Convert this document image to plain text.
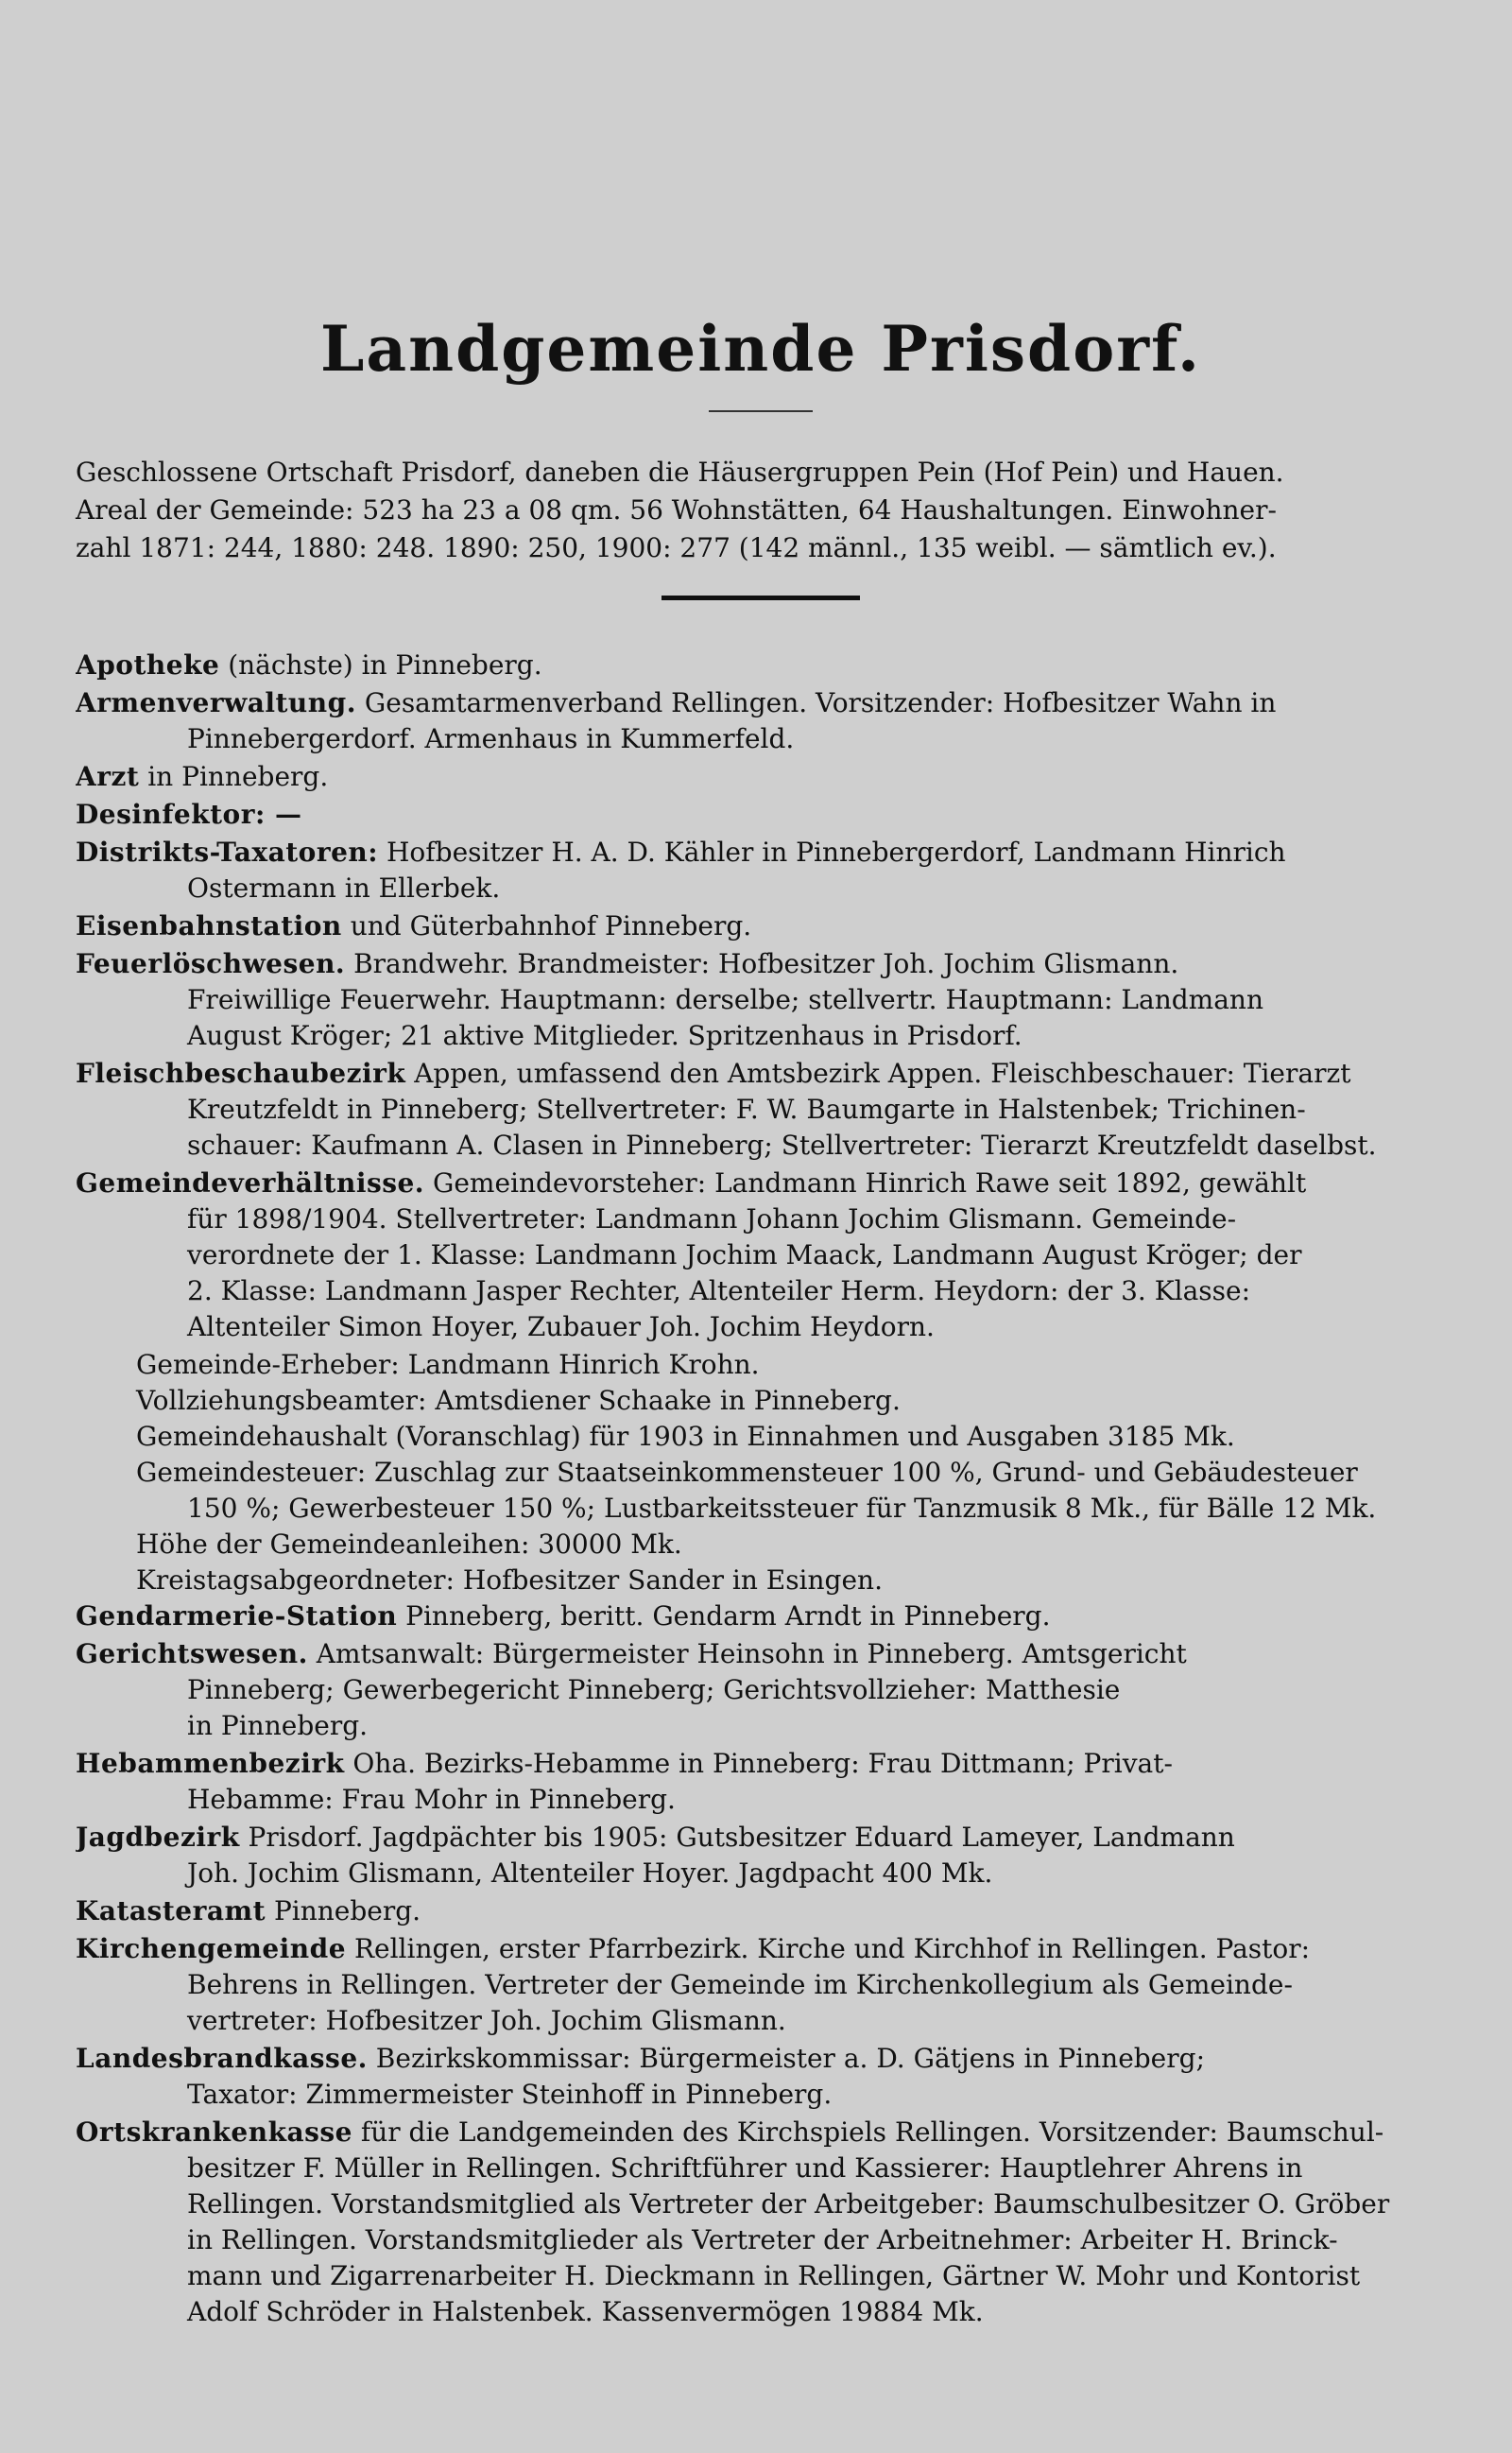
Landgemeinde Prisdorf.

Geschlossene Ortschaft Prisdorf, daneben die Häusergruppen Pein (Hof Pein) und Hauen.

Areal der Gemeinde: 523 ha 23 a 08 qm. 56 Wohnstätten, 64 Haushaltungen. Einwohner-

zahl 1871: 244, 1880: 248. 1890: 250, 1900: 277 (142 männl., 135 weibl. — sämtlich ev.).

Apotheke (nächste) in Pinneberg.
Armenverwaltung. Gesamtarmenverband Rellingen. Vorsitzender: Hofbesitzer Wahn in
Pinnebergerdorf. Armenhaus in Kummerfeld.
Arzt in Pinneberg.
Desinfektor: —
Distrikts-Taxatoren: Hofbesitzer H. A. D. Kähler in Pinnebergerdorf, Landmann Hinrich
Ostermann in Ellerbek.
Eisenbahnstation und Güterbahnhof Pinneberg.
Feuerlöschwesen. Brandwehr. Brandmeister: Hofbesitzer Joh. Jochim Glismann.
Freiwillige Feuerwehr. Hauptmann: derselbe; stellvertr. Hauptmann: Landmann
August Kröger; 21 aktive Mitglieder. Spritzenhaus in Prisdorf.
Fleischbeschaubezirk Appen, umfassend den Amtsbezirk Appen. Fleischbeschauer: Tierarzt
Kreutzfeldt in Pinneberg; Stellvertreter: F. W. Baumgarte in Halstenbek; Trichinen-
schauer: Kaufmann A. Clasen in Pinneberg; Stellvertreter: Tierarzt Kreutzfeldt daselbst.
Gemeindeverhältnisse. Gemeindevorsteher: Landmann Hinrich Rawe seit 1892, gewählt
für 1898/1904. Stellvertreter: Landmann Johann Jochim Glismann. Gemeinde-
verordnete der 1. Klasse: Landmann Jochim Maack, Landmann August Kröger; der
2. Klasse: Landmann Jasper Rechter, Altenteiler Herm. Heydorn: der 3. Klasse:
Altenteiler Simon Hoyer, Zubauer Joh. Jochim Heydorn.
Gemeinde-Erheber: Landmann Hinrich Krohn.
Vollziehungsbeamter: Amtsdiener Schaake in Pinneberg.
Gemeindehaushalt (Voranschlag) für 1903 in Einnahmen und Ausgaben 3185 Mk.
Gemeindesteuer: Zuschlag zur Staatseinkommensteuer 100 %, Grund- und Gebäudesteuer
150 %; Gewerbesteuer 150 %; Lustbarkeitssteuer für Tanzmusik 8 Mk., für Bälle 12 Mk.
Höhe der Gemeindeanleihen: 30000 Mk.
Kreistagsabgeordneter: Hofbesitzer Sander in Esingen.
Gendarmerie-Station Pinneberg, beritt. Gendarm Arndt in Pinneberg.
Gerichtswesen. Amtsanwalt: Bürgermeister Heinsohn in Pinneberg. Amtsgericht
Pinneberg; Gewerbegericht Pinneberg; Gerichtsvollzieher: Matthesie
in Pinneberg.
Hebammenbezirk Oha. Bezirks-Hebamme in Pinneberg: Frau Dittmann; Privat-
Hebamme: Frau Mohr in Pinneberg.
Jagdbezirk Prisdorf. Jagdpächter bis 1905: Gutsbesitzer Eduard Lameyer, Landmann
Joh. Jochim Glismann, Altenteiler Hoyer. Jagdpacht 400 Mk.
Katasteramt Pinneberg.
Kirchengemeinde Rellingen, erster Pfarrbezirk. Kirche und Kirchhof in Rellingen. Pastor:
Behrens in Rellingen. Vertreter der Gemeinde im Kirchenkollegium als Gemeinde-
vertreter: Hofbesitzer Joh. Jochim Glismann.
Landesbrandkasse. Bezirkskommissar: Bürgermeister a. D. Gätjens in Pinneberg;
Taxator: Zimmermeister Steinhoff in Pinneberg.
Ortskrankenkasse für die Landgemeinden des Kirchspiels Rellingen. Vorsitzender: Baumschul-
besitzer F. Müller in Rellingen. Schriftführer und Kassierer: Hauptlehrer Ahrens in
Rellingen. Vorstandsmitglied als Vertreter der Arbeitgeber: Baumschulbesitzer O. Gröber
in Rellingen. Vorstandsmitglieder als Vertreter der Arbeitnehmer: Arbeiter H. Brinck-
mann und Zigarrenarbeiter H. Dieckmann in Rellingen, Gärtner W. Mohr und Kontorist
Adolf Schröder in Halstenbek. Kassenvermögen 19884 Mk.
